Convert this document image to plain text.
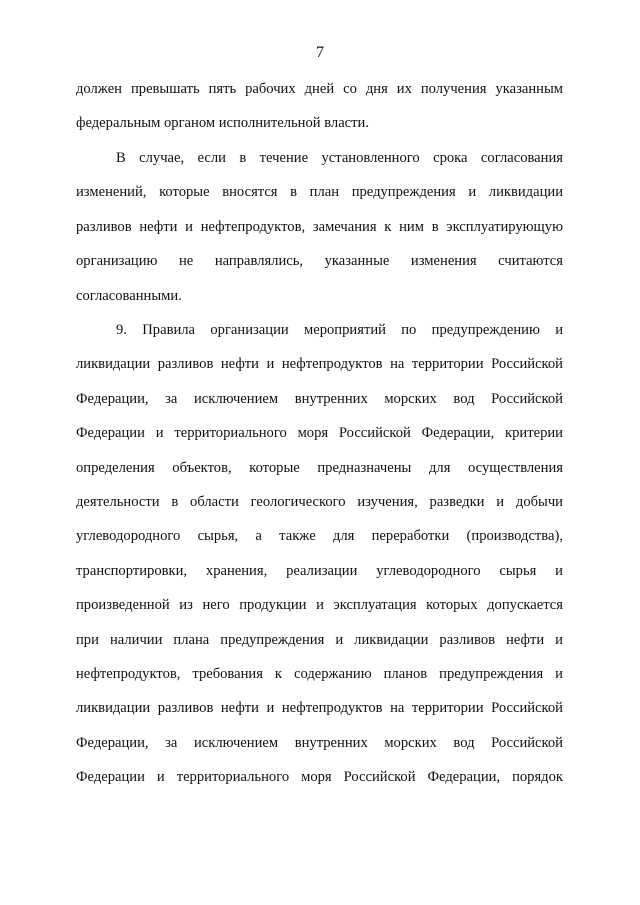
7
должен превышать пять рабочих дней со дня их получения указанным
федеральным органом исполнительной власти.
В случае, если в течение установленного срока согласования
изменений, которые вносятся в план предупреждения и ликвидации
разливов нефти и нефтепродуктов, замечания к ним в эксплуатирующую
организацию не направлялись, указанные изменения считаются
согласованными.
9. Правила организации мероприятий по предупреждению и
ликвидации разливов нефти и нефтепродуктов на территории Российской
Федерации, за исключением внутренних морских вод Российской
Федерации и территориального моря Российской Федерации, критерии
определения объектов, которые предназначены для осуществления
деятельности в области геологического изучения, разведки и добычи
углеводородного сырья, а также для переработки (производства),
транспортировки, хранения, реализации углеводородного сырья и
произведенной из него продукции и эксплуатация которых допускается
при наличии плана предупреждения и ликвидации разливов нефти и
нефтепродуктов, требования к содержанию планов предупреждения и
ликвидации разливов нефти и нефтепродуктов на территории Российской
Федерации, за исключением внутренних морских вод Российской
Федерации и территориального моря Российской Федерации, порядок
